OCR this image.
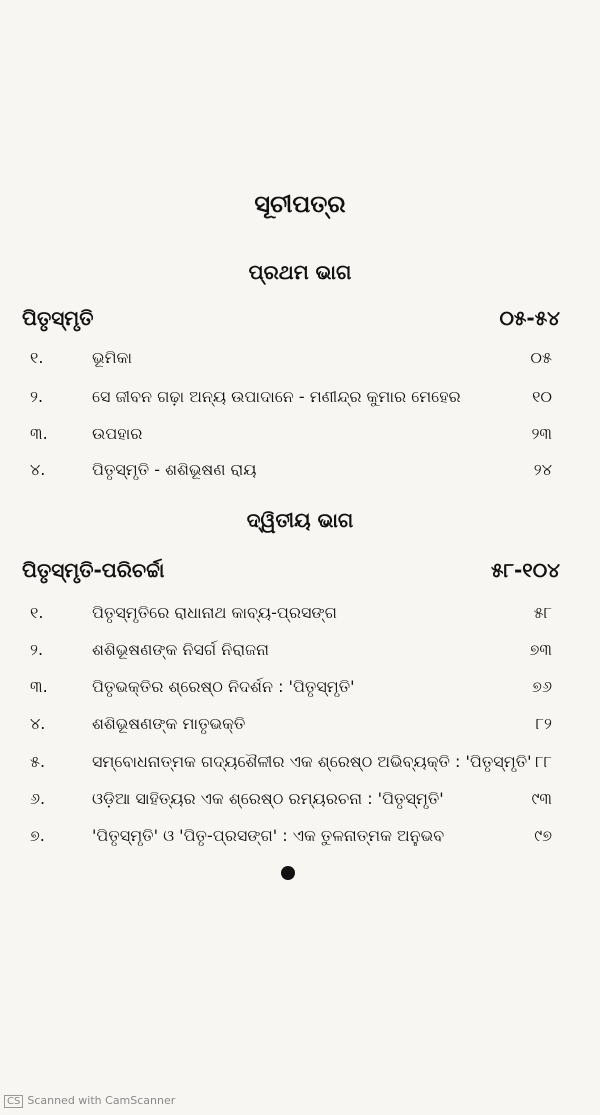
ସୂଚୀପତ୍ର
ପ୍ରଥମ ଭାଗ
ପିତୃସ୍ମୃତି	୦୫-୫୪
୧.	ଭୂମିକା	୦୫
୨.	ସେ ଜୀବନ ଗଢ଼ା ଅନ୍ୟ ଉପାଦାନେ - ମଣୀନ୍ଦ୍ର କୁମାର ମେହେର	୧୦
୩.	ଉପହାର	୨୩
୪.	ପିତୃସ୍ମୃତି - ଶଶିଭୂଷଣ ରାୟ	୨୪
ଦ୍ୱିତୀୟ ଭାଗ
ପିତୃସ୍ମୃତି-ପରିଚର୍ଚ୍ଚା	୫୮-୧୦୪
୧.	ପିତୃସ୍ମୃତିରେ ରାଧାନାଥ କାବ୍ୟ-ପ୍ରସଙ୍ଗ	୫୮
୨.	ଶଶିଭୂଷଣଙ୍କ ନିସର୍ଗ ନିରାଜନା	୭୩
୩.	ପିତୃଭକ୍ତିର ଶ୍ରେଷ୍ଠ ନିଦର୍ଶନ : 'ପିତୃସ୍ମୃତି'	୭୬
୪.	ଶଶିଭୂଷଣଙ୍କ ମାତୃଭକ୍ତି	୮୨
୫.	ସମ୍ବୋଧନାତ୍ମକ ଗଦ୍ୟଶୈଳୀର ଏକ ଶ୍ରେଷ୍ଠ ଅଭିବ୍ୟକ୍ତି : 'ପିତୃସ୍ମୃତି' ୮୮
୬.	ଓଡ଼ିଆ ସାହିତ୍ୟର ଏକ ଶ୍ରେଷ୍ଠ ରମ୍ୟରଚନା : 'ପିତୃସ୍ମୃତି'	୯୩
୭.	'ପିତୃସ୍ମୃତି' ଓ 'ପିତୃ-ପ୍ରସଙ୍ଗ' : ଏକ ତୁଳନାତ୍ମକ ଅନୁଭବ	୯୭
CS Scanned with CamScanner
